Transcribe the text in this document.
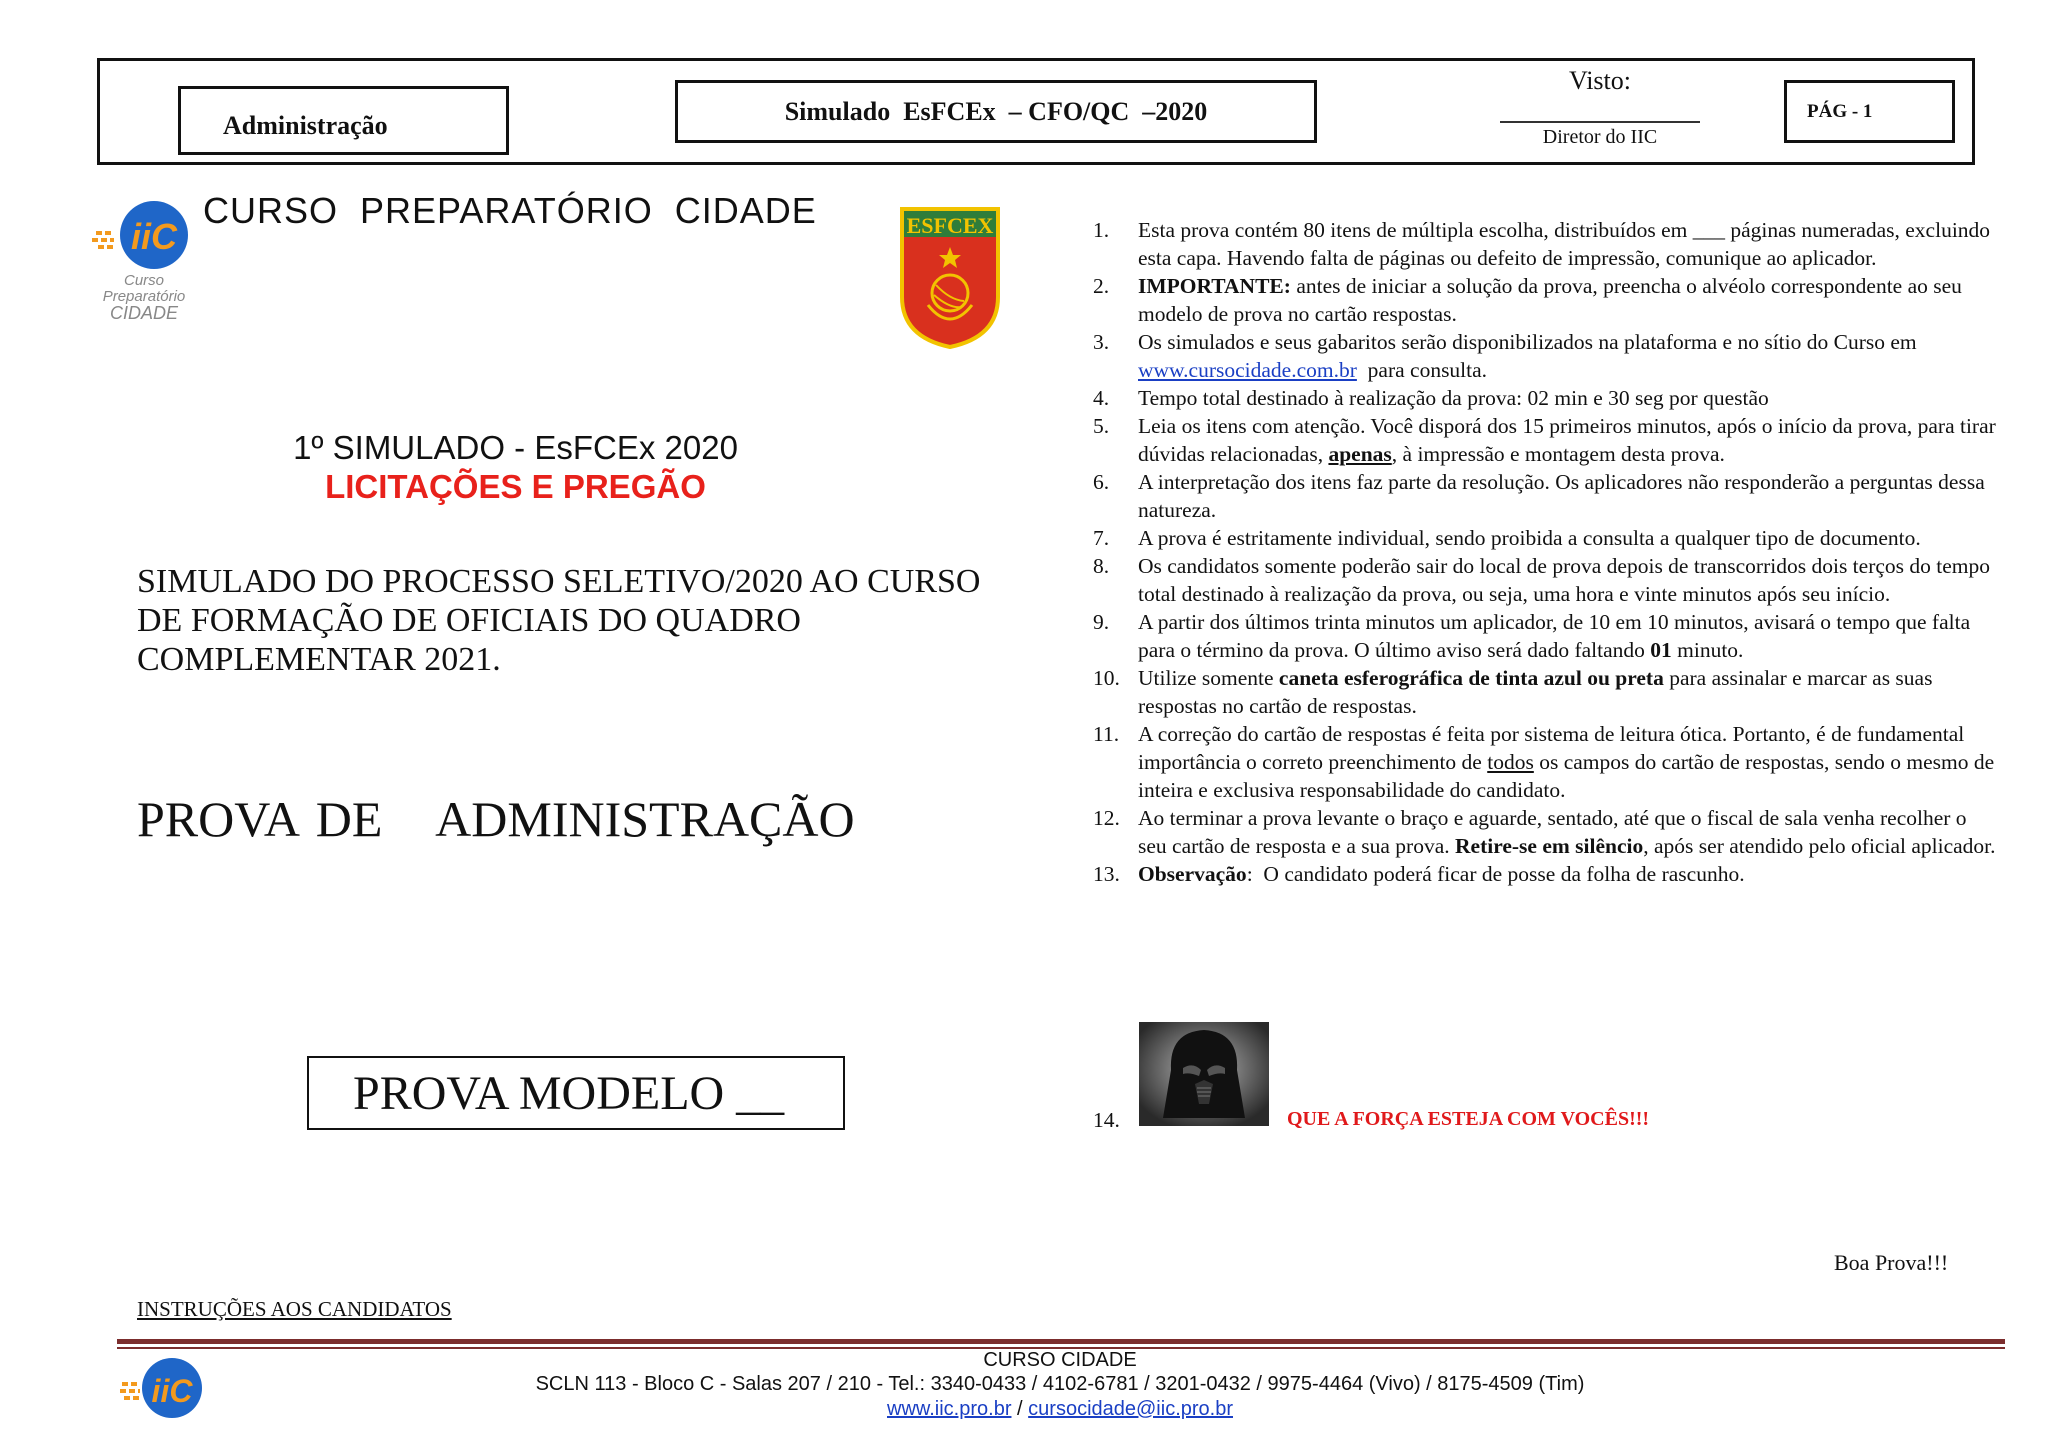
Administração	Simulado  EsFCEx  – CFO/QC  –2020
Visto:
Diretor do IIC
PÁG - 1
iiC
Curso
Preparatório
CIDADE
CURSO  PREPARATÓRIO  CIDADE	ESFCEX
1º SIMULADO - EsFCEx 2020
LICITAÇÕES E PREGÃO
SIMULADO DO PROCESSO SELETIVO/2020 AO CURSO DE FORMAÇÃO DE OFICIAIS DO QUADRO COMPLEMENTAR 2021.
PROVA DE   ADMINISTRAÇÃO
PROVA MODELO __
INSTRUÇÕES AOS CANDIDATOS
1.	Esta prova contém 80 itens de múltipla escolha, distribuídos em ___ páginas numeradas, excluindo esta capa. Havendo falta de páginas ou defeito de impressão, comunique ao aplicador.
2.	IMPORTANTE: antes de iniciar a solução da prova, preencha o alvéolo correspondente ao seu modelo de prova no cartão respostas.
3.	Os simulados e seus gabaritos serão disponibilizados na plataforma e no sítio do Curso em www.cursocidade.com.br  para consulta.
4.	Tempo total destinado à realização da prova: 02 min e 30 seg por questão
5.	Leia os itens com atenção. Você disporá dos 15 primeiros minutos, após o início da prova, para tirar dúvidas relacionadas, apenas, à impressão e montagem desta prova.
6.	A interpretação dos itens faz parte da resolução. Os aplicadores não responderão a perguntas dessa natureza.
7.	A prova é estritamente individual, sendo proibida a consulta a qualquer tipo de documento.
8.	Os candidatos somente poderão sair do local de prova depois de transcorridos dois terços do tempo total destinado à realização da prova, ou seja, uma hora e vinte minutos após seu início.
9.	A partir dos últimos trinta minutos um aplicador, de 10 em 10 minutos, avisará o tempo que falta para o término da prova. O último aviso será dado faltando 01 minuto.
10. Utilize somente caneta esferográfica de tinta azul ou preta para assinalar e marcar as suas respostas no cartão de respostas.
11. A correção do cartão de respostas é feita por sistema de leitura ótica. Portanto, é de fundamental importância o correto preenchimento de todos os campos do cartão de respostas, sendo o mesmo de inteira e exclusiva responsabilidade do candidato.
12. Ao terminar a prova levante o braço e aguarde, sentado, até que o fiscal de sala venha recolher o seu cartão de resposta e a sua prova. Retire-se em silêncio, após ser atendido pelo oficial aplicador.
13. Observação:  O candidato poderá ficar de posse da folha de rascunho.
14.	QUE A FORÇA ESTEJA COM VOCÊS!!!
Boa Prova!!!
iiC
CURSO CIDADE
SCLN 113 - Bloco C - Salas 207 / 210 - Tel.: 3340-0433 / 4102-6781 / 3201-0432 / 9975-4464 (Vivo) / 8175-4509 (Tim)
www.iic.pro.br / cursocidade@iic.pro.br
